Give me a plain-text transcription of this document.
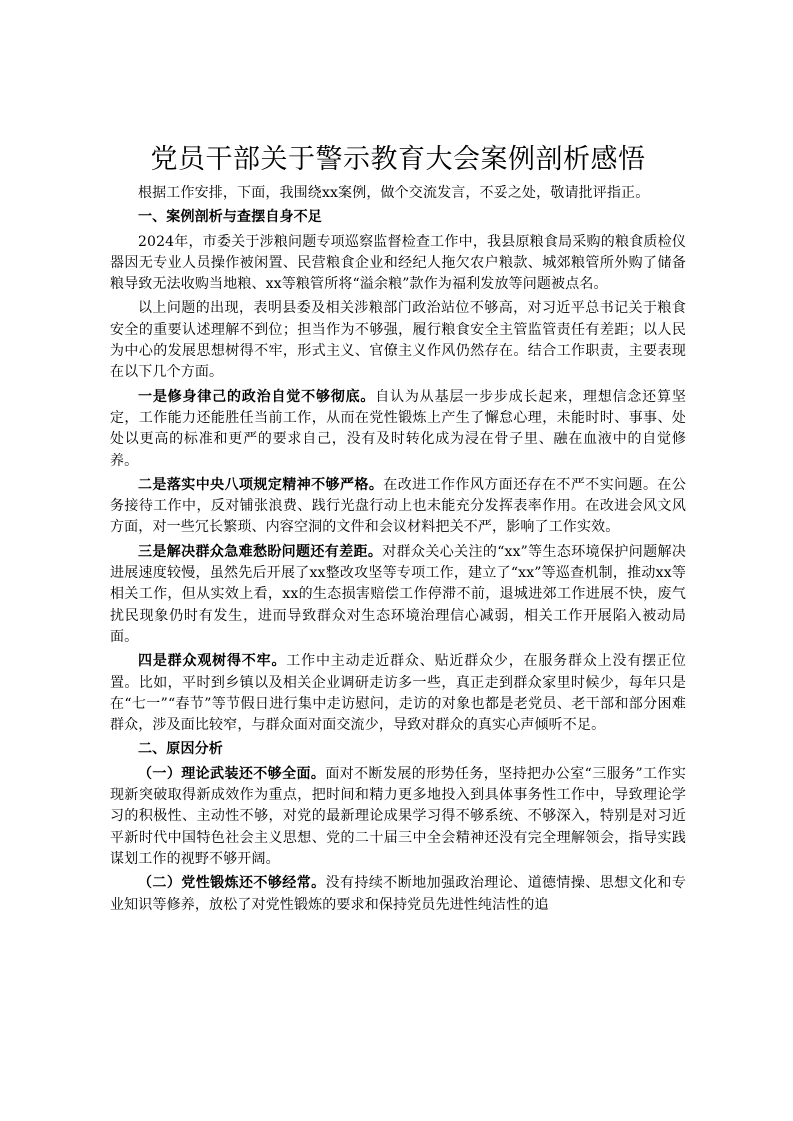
党员干部关于警示教育大会案例剖析感悟

根据工作安排，下面，我围绕xx案例，做个交流发言，不妥之处，敬请批评指正。

一、案例剖析与查摆自身不足

2024年，市委关于涉粮问题专项巡察监督检查工作中，我县原粮食局采购的粮食质检仪器因无专业人员操作被闲置、民营粮食企业和经纪人拖欠农户粮款、城郊粮管所外购了储备粮导致无法收购当地粮、xx等粮管所将“溢余粮”款作为福利发放等问题被点名。

以上问题的出现，表明县委及相关涉粮部门政治站位不够高，对习近平总书记关于粮食安全的重要认述理解不到位；担当作为不够强，履行粮食安全主管监管责任有差距；以人民为中心的发展思想树得不牢，形式主义、官僚主义作风仍然存在。结合工作职责，主要表现在以下几个方面。

一是修身律己的政治自觉不够彻底。自认为从基层一步步成长起来，理想信念还算坚定，工作能力还能胜任当前工作，从而在党性锻炼上产生了懈怠心理，未能时时、事事、处处以更高的标准和更严的要求自己，没有及时转化成为浸在骨子里、融在血液中的自觉修养。

二是落实中央八项规定精神不够严格。在改进工作作风方面还存在不严不实问题。在公务接待工作中，反对铺张浪费、践行光盘行动上也未能充分发挥表率作用。在改进会风文风方面，对一些冗长繁琐、内容空洞的文件和会议材料把关不严，影响了工作实效。

三是解决群众急难愁盼问题还有差距。对群众关心关注的“xx”等生态环境保护问题解决进展速度较慢，虽然先后开展了xx整改攻坚等专项工作，建立了“xx”等巡查机制，推动xx等相关工作，但从实效上看，xx的生态损害赔偿工作停滞不前，退城进郊工作进展不快，废气扰民现象仍时有发生，进而导致群众对生态环境治理信心减弱，相关工作开展陷入被动局面。

四是群众观树得不牢。工作中主动走近群众、贴近群众少，在服务群众上没有摆正位置。比如，平时到乡镇以及相关企业调研走访多一些，真正走到群众家里时候少，每年只是在“七一”“春节”等节假日进行集中走访慰问，走访的对象也都是老党员、老干部和部分困难群众，涉及面比较窄，与群众面对面交流少，导致对群众的真实心声倾听不足。

二、原因分析

（一）理论武装还不够全面。面对不断发展的形势任务，坚持把办公室“三服务”工作实现新突破取得新成效作为重点，把时间和精力更多地投入到具体事务性工作中，导致理论学习的积极性、主动性不够，对党的最新理论成果学习得不够系统、不够深入，特别是对习近平新时代中国特色社会主义思想、党的二十届三中全会精神还没有完全理解领会，指导实践谋划工作的视野不够开阔。

（二）党性锻炼还不够经常。没有持续不断地加强政治理论、道德情操、思想文化和专业知识等修养，放松了对党性锻炼的要求和保持党员先进性纯洁性的追
